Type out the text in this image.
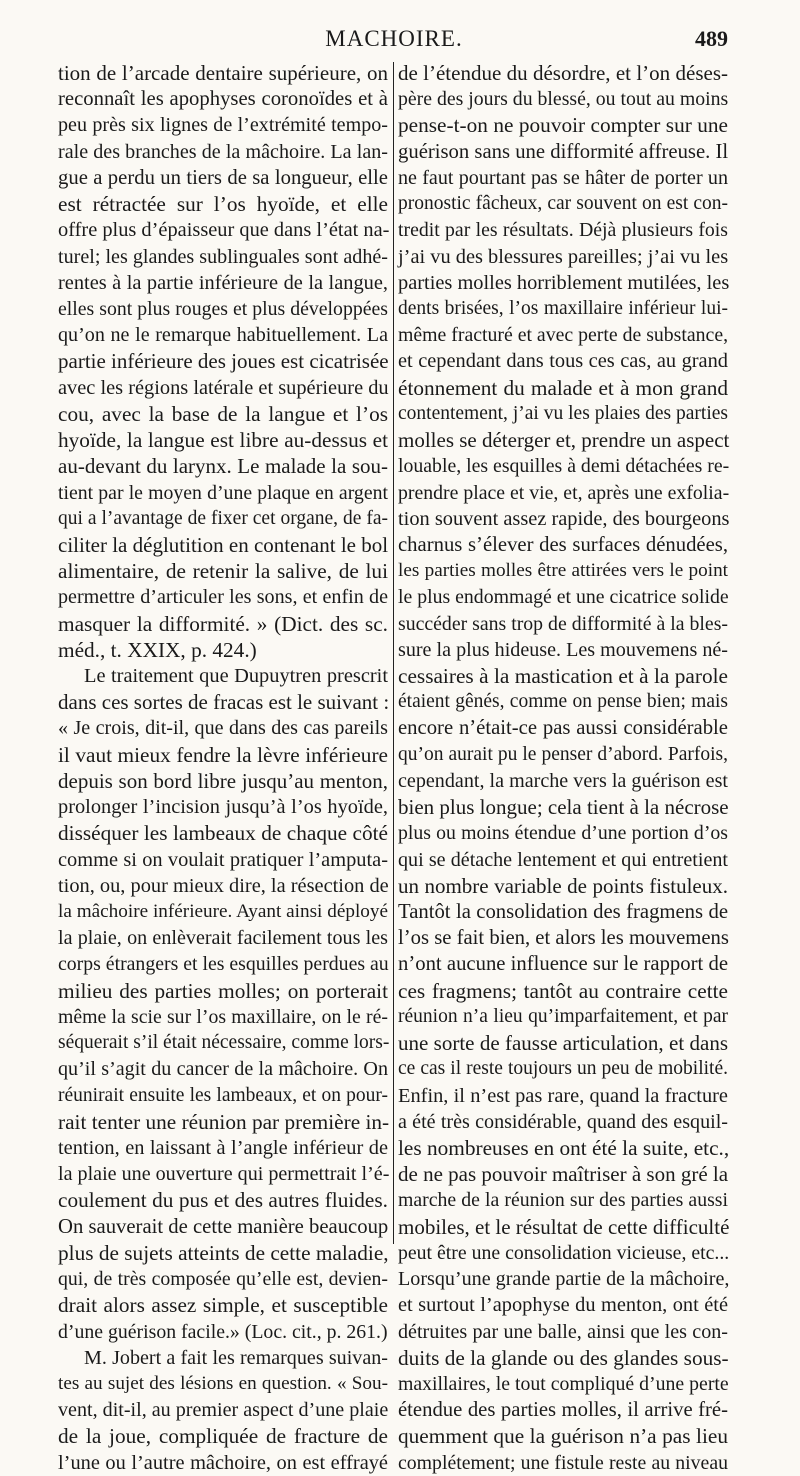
MACHOIRE.	489
tion de l’arcade dentaire supérieure, on
reconnaît les apophyses coronoïdes et à
peu près six lignes de l’extrémité tempo-
rale des branches de la mâchoire. La lan-
gue a perdu un tiers de sa longueur, elle
est rétractée sur l’os hyoïde, et elle
offre plus d’épaisseur que dans l’état na-
turel; les glandes sublinguales sont adhé-
rentes à la partie inférieure de la langue,
elles sont plus rouges et plus développées
qu’on ne le remarque habituellement. La
partie inférieure des joues est cicatrisée
avec les régions latérale et supérieure du
cou, avec la base de la langue et l’os
hyoïde, la langue est libre au-dessus et
au-devant du larynx. Le malade la sou-
tient par le moyen d’une plaque en argent
qui a l’avantage de fixer cet organe, de fa-
ciliter la déglutition en contenant le bol
alimentaire, de retenir la salive, de lui
permettre d’articuler les sons, et enfin de
masquer la difformité. » (Dict. des sc.
méd., t. XXIX, p. 424.)
Le traitement que Dupuytren prescrit
dans ces sortes de fracas est le suivant :
« Je crois, dit-il, que dans des cas pareils
il vaut mieux fendre la lèvre inférieure
depuis son bord libre jusqu’au menton,
prolonger l’incision jusqu’à l’os hyoïde,
disséquer les lambeaux de chaque côté
comme si on voulait pratiquer l’amputa-
tion, ou, pour mieux dire, la résection de
la mâchoire inférieure. Ayant ainsi déployé
la plaie, on enlèverait facilement tous les
corps étrangers et les esquilles perdues au
milieu des parties molles; on porterait
même la scie sur l’os maxillaire, on le ré-
séquerait s’il était nécessaire, comme lors-
qu’il s’agit du cancer de la mâchoire. On
réunirait ensuite les lambeaux, et on pour-
rait tenter une réunion par première in-
tention, en laissant à l’angle inférieur de
la plaie une ouverture qui permettrait l’é-
coulement du pus et des autres fluides.
On sauverait de cette manière beaucoup
plus de sujets atteints de cette maladie,
qui, de très composée qu’elle est, devien-
drait alors assez simple, et susceptible
d’une guérison facile.» (Loc. cit., p. 261.)
M. Jobert a fait les remarques suivan-
tes au sujet des lésions en question. « Sou-
vent, dit-il, au premier aspect d’une plaie
de la joue, compliquée de fracture de
l’une ou l’autre mâchoire, on est effrayé
de l’étendue du désordre, et l’on déses-
père des jours du blessé, ou tout au moins
pense-t-on ne pouvoir compter sur une
guérison sans une difformité affreuse. Il
ne faut pourtant pas se hâter de porter un
pronostic fâcheux, car souvent on est con-
tredit par les résultats. Déjà plusieurs fois
j’ai vu des blessures pareilles; j’ai vu les
parties molles horriblement mutilées, les
dents brisées, l’os maxillaire inférieur lui-
même fracturé et avec perte de substance,
et cependant dans tous ces cas, au grand
étonnement du malade et à mon grand
contentement, j’ai vu les plaies des parties
molles se déterger et, prendre un aspect
louable, les esquilles à demi détachées re-
prendre place et vie, et, après une exfolia-
tion souvent assez rapide, des bourgeons
charnus s’élever des surfaces dénudées,
les parties molles être attirées vers le point
le plus endommagé et une cicatrice solide
succéder sans trop de difformité à la bles-
sure la plus hideuse. Les mouvemens né-
cessaires à la mastication et à la parole
étaient gênés, comme on pense bien; mais
encore n’était-ce pas aussi considérable
qu’on aurait pu le penser d’abord. Parfois,
cependant, la marche vers la guérison est
bien plus longue; cela tient à la nécrose
plus ou moins étendue d’une portion d’os
qui se détache lentement et qui entretient
un nombre variable de points fistuleux.
Tantôt la consolidation des fragmens de
l’os se fait bien, et alors les mouvemens
n’ont aucune influence sur le rapport de
ces fragmens; tantôt au contraire cette
réunion n’a lieu qu’imparfaitement, et par
une sorte de fausse articulation, et dans
ce cas il reste toujours un peu de mobilité.
Enfin, il n’est pas rare, quand la fracture
a été très considérable, quand des esquil-
les nombreuses en ont été la suite, etc.,
de ne pas pouvoir maîtriser à son gré la
marche de la réunion sur des parties aussi
mobiles, et le résultat de cette difficulté
peut être une consolidation vicieuse, etc...
Lorsqu’une grande partie de la mâchoire,
et surtout l’apophyse du menton, ont été
détruites par une balle, ainsi que les con-
duits de la glande ou des glandes sous-
maxillaires, le tout compliqué d’une perte
étendue des parties molles, il arrive fré-
quemment que la guérison n’a pas lieu
complétement; une fistule reste au niveau
